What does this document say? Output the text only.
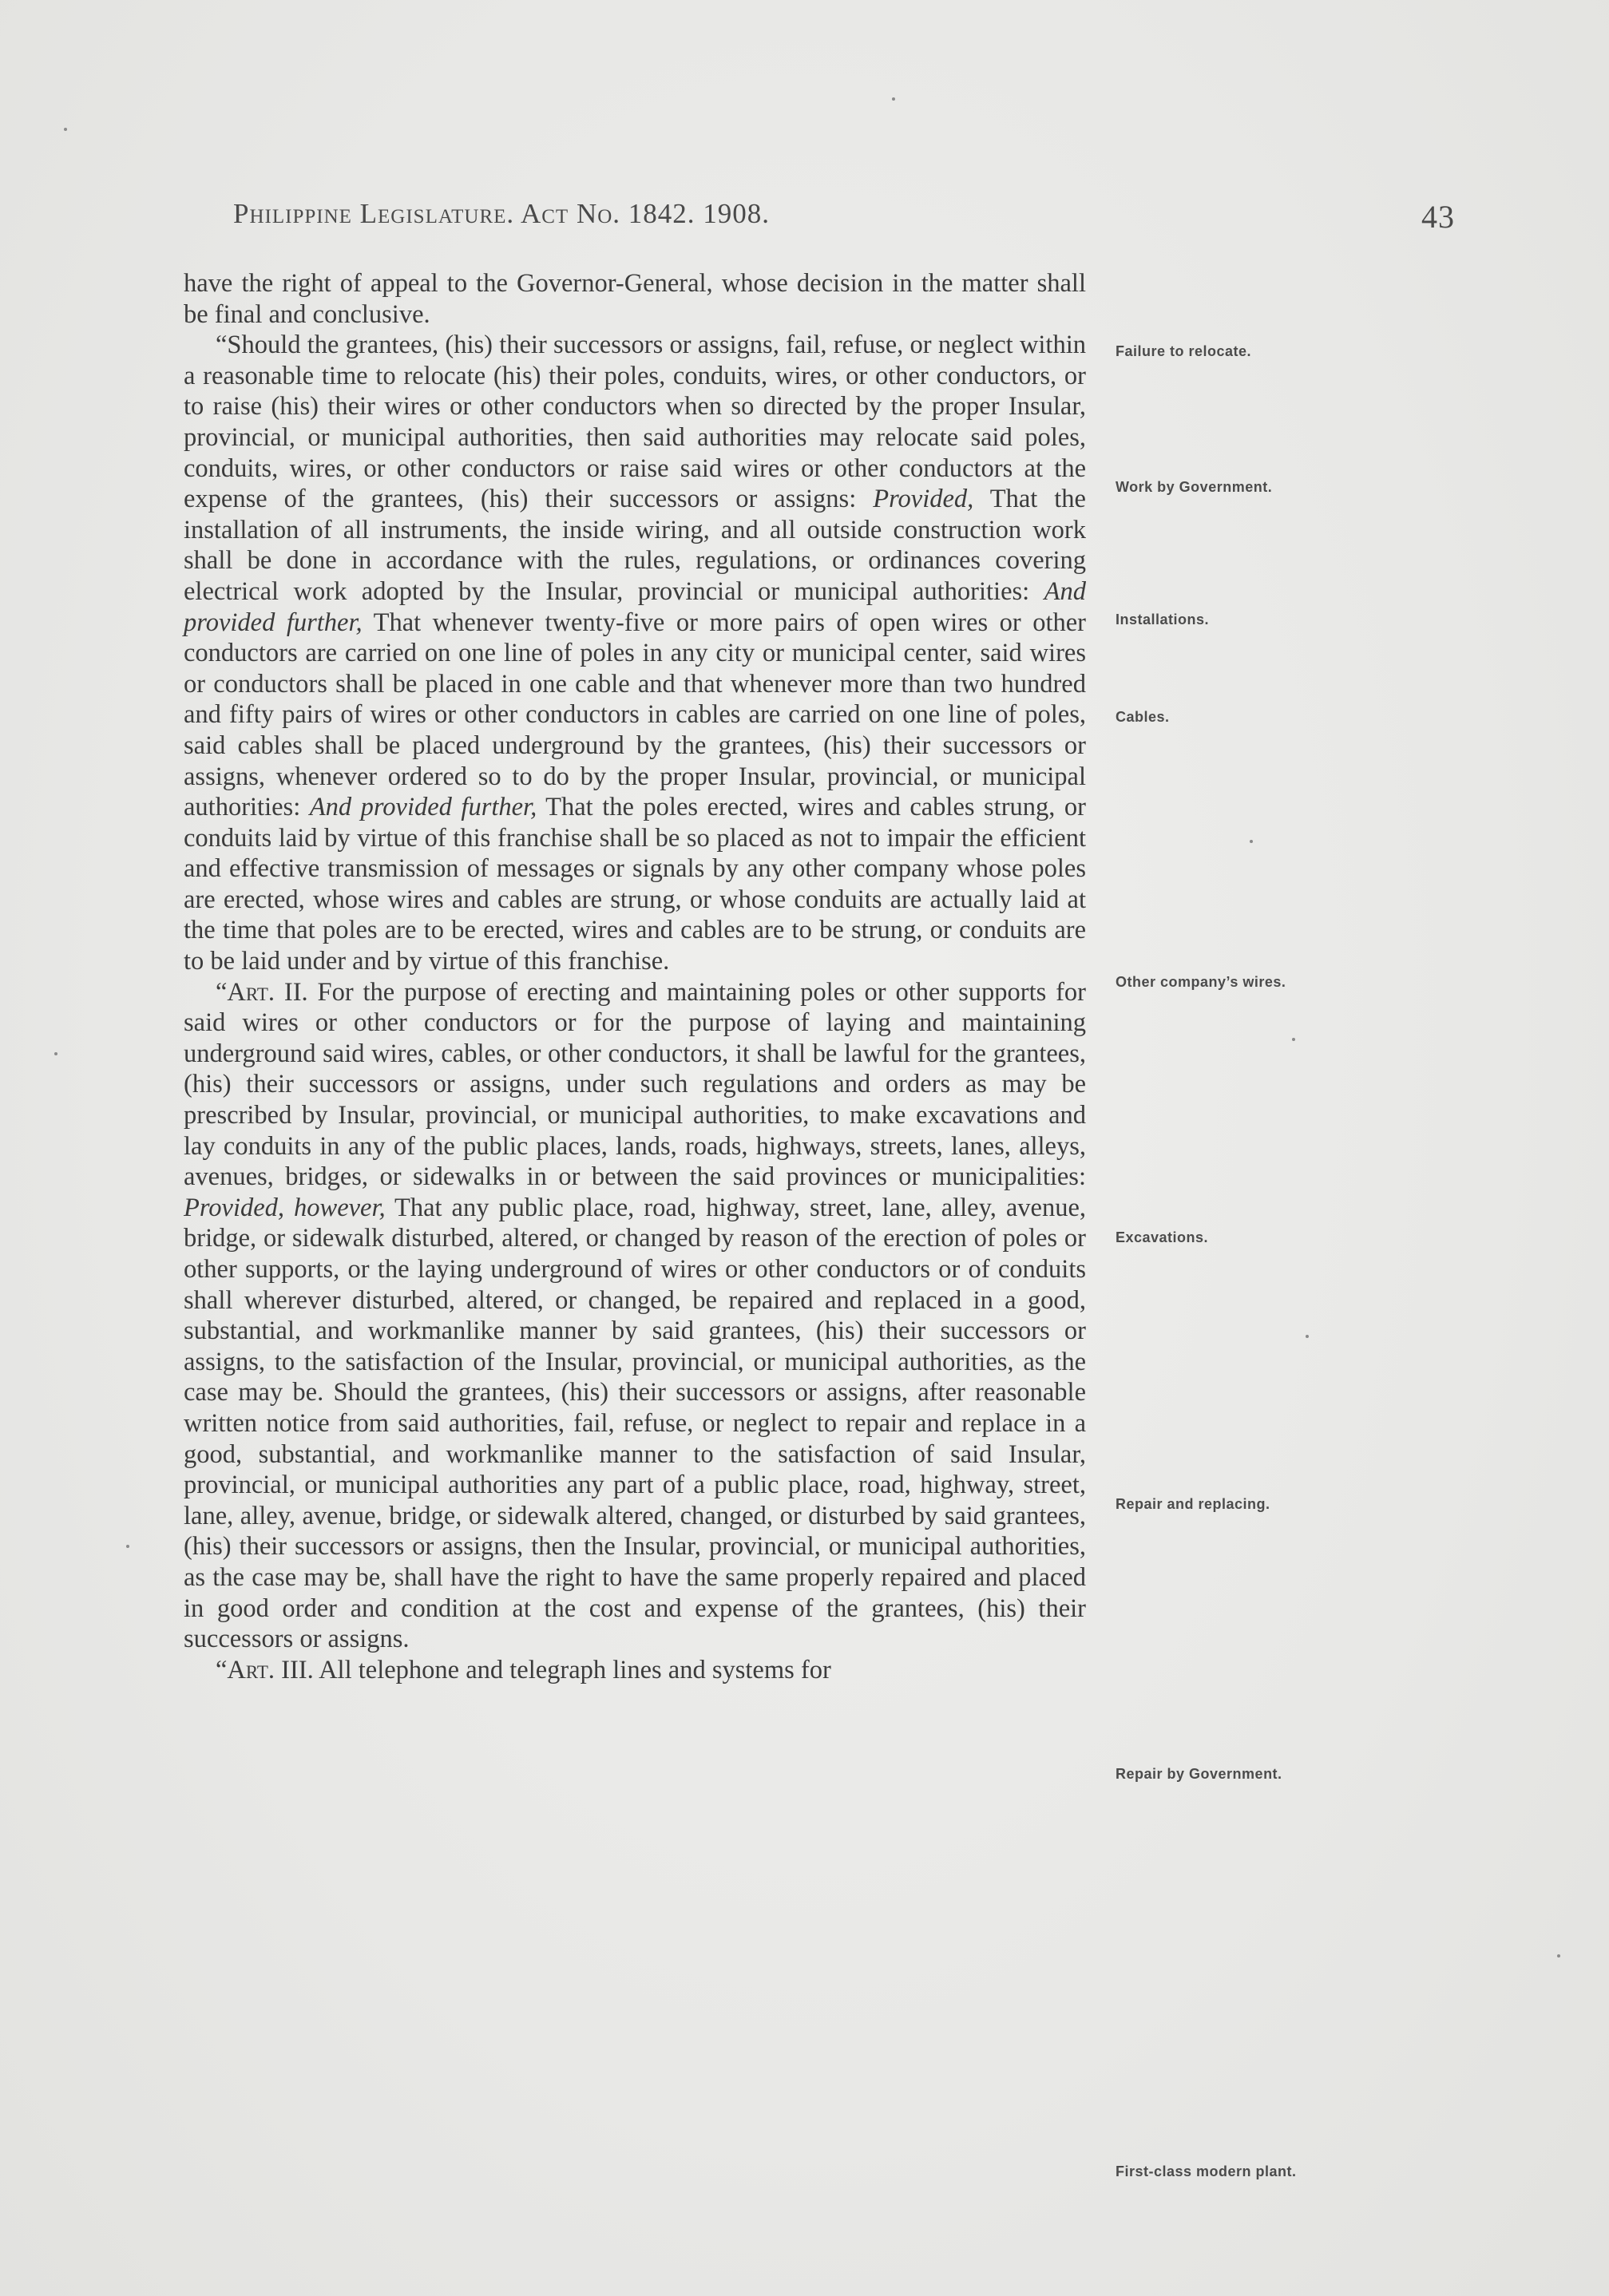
Philippine Legislature. Act No. 1842. 1908.	43

have the right of appeal to the Governor-General, whose decision in the matter shall be final and conclusive.

“Should the grantees, (his) their successors or assigns, fail, refuse, or neglect within a reasonable time to relocate (his) their poles, conduits, wires, or other conductors, or to raise (his) their wires or other conductors when so directed by the proper Insular, provincial, or municipal authorities, then said authorities may relocate said poles, conduits, wires, or other conductors or raise said wires or other conductors at the expense of the grantees, (his) their successors or assigns: Provided, That the installation of all instruments, the inside wiring, and all outside construction work shall be done in accordance with the rules, regulations, or ordinances covering electrical work adopted by the Insular, provincial or municipal authorities: And provided further, That whenever twenty-five or more pairs of open wires or other conductors are carried on one line of poles in any city or municipal center, said wires or conductors shall be placed in one cable and that whenever more than two hundred and fifty pairs of wires or other conductors in cables are carried on one line of poles, said cables shall be placed underground by the grantees, (his) their successors or assigns, whenever ordered so to do by the proper Insular, provincial, or municipal authorities: And provided further, That the poles erected, wires and cables strung, or conduits laid by virtue of this franchise shall be so placed as not to impair the efficient and effective transmission of messages or signals by any other company whose poles are erected, whose wires and cables are strung, or whose conduits are actually laid at the time that poles are to be erected, wires and cables are to be strung, or conduits are to be laid under and by virtue of this franchise.

“Art. II. For the purpose of erecting and maintaining poles or other supports for said wires or other conductors or for the purpose of laying and maintaining underground said wires, cables, or other conductors, it shall be lawful for the grantees, (his) their successors or assigns, under such regulations and orders as may be prescribed by Insular, provincial, or municipal authorities, to make excavations and lay conduits in any of the public places, lands, roads, highways, streets, lanes, alleys, avenues, bridges, or sidewalks in or between the said provinces or municipalities: Provided, however, That any public place, road, highway, street, lane, alley, avenue, bridge, or sidewalk disturbed, altered, or changed by reason of the erection of poles or other supports, or the laying underground of wires or other conductors or of conduits shall wherever disturbed, altered, or changed, be repaired and replaced in a good, substantial, and workmanlike manner by said grantees, (his) their successors or assigns, to the satisfaction of the Insular, provincial, or municipal authorities, as the case may be. Should the grantees, (his) their successors or assigns, after reasonable written notice from said authorities, fail, refuse, or neglect to repair and replace in a good, substantial, and workmanlike manner to the satisfaction of said Insular, provincial, or municipal authorities any part of a public place, road, highway, street, lane, alley, avenue, bridge, or sidewalk altered, changed, or disturbed by said grantees, (his) their successors or assigns, then the Insular, provincial, or municipal authorities, as the case may be, shall have the right to have the same properly repaired and placed in good order and condition at the cost and expense of the grantees, (his) their successors or assigns.

“Art. III. All telephone and telegraph lines and systems for

Failure to relocate.
Work by Government.
Installations.
Cables.
Other company’s wires.
Excavations.
Repair and replacing.
Repair by Government.
First-class modern plant.
